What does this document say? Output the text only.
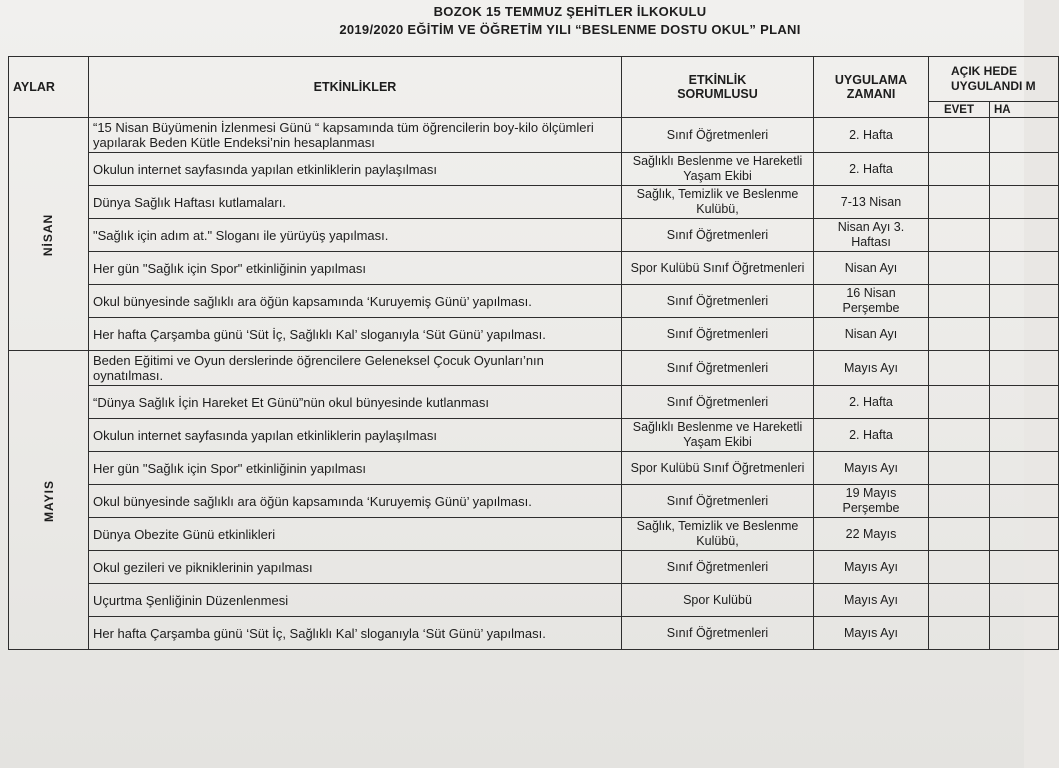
BOZOK 15 TEMMUZ ŞEHİTLER İLKOKULU
2019/2020 EĞİTİM VE ÖĞRETİM YILI “BESLENME DOSTU OKUL” PLANI
AYLAR	ETKİNLİKLER	ETKİNLİK SORUMLUSU	UYGULAMA ZAMANI	AÇIK HEDE UYGULANDI M	
				EVET	HA
NİSAN	“15 Nisan Büyümenin İzlenmesi Günü “ kapsamında tüm öğrencilerin boy-kilo ölçümleri yapılarak Beden Kütle Endeksi’nin hesaplanması	Sınıf Öğretmenleri	2. Hafta		
	Okulun internet sayfasında yapılan etkinliklerin paylaşılması	Sağlıklı Beslenme ve Hareketli Yaşam Ekibi	2. Hafta		
	Dünya Sağlık Haftası kutlamaları.	Sağlık, Temizlik ve Beslenme Kulübü,	7-13 Nisan		
	"Sağlık için adım at." Sloganı ile yürüyüş yapılması.	Sınıf Öğretmenleri	Nisan Ayı 3. Haftası		
	Her gün "Sağlık için Spor" etkinliğinin yapılması	Spor Kulübü Sınıf Öğretmenleri	Nisan Ayı		
	Okul bünyesinde sağlıklı ara öğün kapsamında ‘Kuruyemiş Günü’ yapılması.	Sınıf Öğretmenleri	16 Nisan Perşembe		
	Her hafta Çarşamba günü ‘Süt İç, Sağlıklı Kal’ sloganıyla ‘Süt Günü’ yapılması.	Sınıf Öğretmenleri	Nisan Ayı		
MAYIS	Beden Eğitimi ve Oyun derslerinde öğrencilere Geleneksel Çocuk Oyunları’nın oynatılması.	Sınıf Öğretmenleri	Mayıs Ayı		
	“Dünya Sağlık İçin Hareket Et Günü”nün okul bünyesinde kutlanması	Sınıf Öğretmenleri	2. Hafta		
	Okulun internet sayfasında yapılan etkinliklerin paylaşılması	Sağlıklı Beslenme ve Hareketli Yaşam Ekibi	2. Hafta		
	Her gün "Sağlık için Spor" etkinliğinin yapılması	Spor Kulübü Sınıf Öğretmenleri	Mayıs Ayı		
	Okul bünyesinde sağlıklı ara öğün kapsamında ‘Kuruyemiş Günü’ yapılması.	Sınıf Öğretmenleri	19 Mayıs Perşembe		
	Dünya Obezite Günü etkinlikleri	Sağlık, Temizlik ve Beslenme Kulübü,	22 Mayıs		
	Okul gezileri ve pikniklerinin yapılması	Sınıf Öğretmenleri	Mayıs Ayı		
	Uçurtma Şenliğinin Düzenlenmesi	Spor Kulübü	Mayıs Ayı		
	Her hafta Çarşamba günü ‘Süt İç, Sağlıklı Kal’ sloganıyla ‘Süt Günü’ yapılması.	Sınıf Öğretmenleri	Mayıs Ayı		
